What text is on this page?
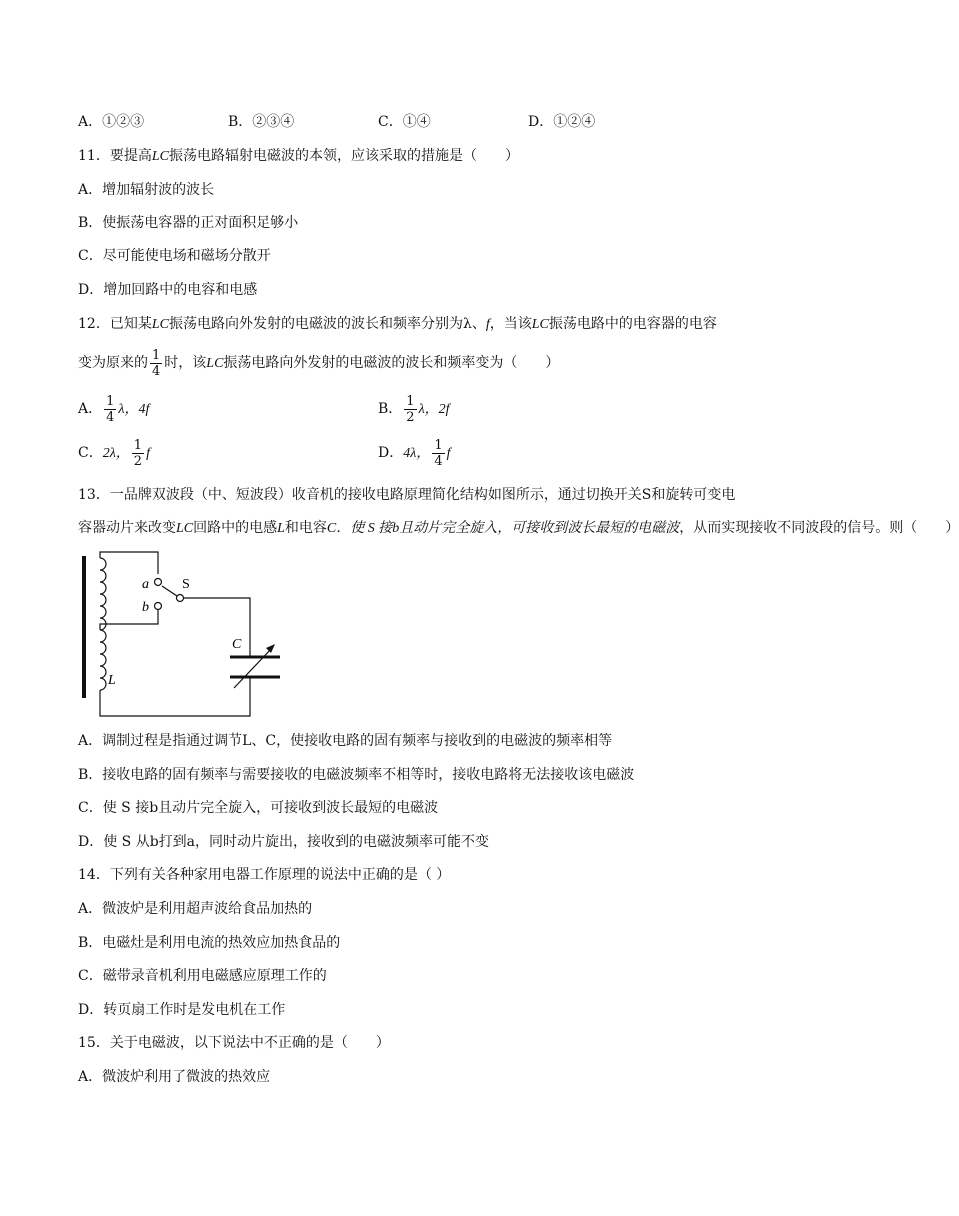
A．①②③	B．②③④	C．①④	D．①②④
11．要提高LC振荡电路辐射电磁波的本领，应该采取的措施是（　　）
A．增加辐射波的波长
B．使振荡电容器的正对面积足够小
C．尽可能使电场和磁场分散开
D．增加回路中的电容和电感
12．已知某LC振荡电路向外发射的电磁波的波长和频率分别为λ、f，当该LC振荡电路中的电容器的电容
变为原来的 $\frac{1}{4}$ 时，该LC振荡电路向外发射的电磁波的波长和频率变为（　　）
A． $\frac{1}{4}$ λ，4f	B． $\frac{1}{2}$ λ，2f
C．2λ， $\frac{1}{2}$ f	D．4λ， $\frac{1}{4}$ f
13．一品牌双波段（中、短波段）收音机的接收电路原理简化结构如图所示，通过切换开关S和旋转可变电
容器动片来改变LC回路中的电感L和电容C．使 S 接b且动片完全旋入，可接收到波长最短的电磁波，从而实现接收不同波段的信号。则（　　）
a
b
S
C
L
A．调制过程是指通过调节L、C，使接收电路的固有频率与接收到的电磁波的频率相等
B．接收电路的固有频率与需要接收的电磁波频率不相等时，接收电路将无法接收该电磁波
C．使 S 接b且动片完全旋入，可接收到波长最短的电磁波
D．使 S 从b打到a，同时动片旋出，接收到的电磁波频率可能不变
14．下列有关各种家用电器工作原理的说法中正确的是（ ）
A．微波炉是利用超声波给食品加热的
B．电磁灶是利用电流的热效应加热食品的
C．磁带录音机利用电磁感应原理工作的
D．转页扇工作时是发电机在工作
15．关于电磁波，以下说法中不正确的是（　　）
A．微波炉利用了微波的热效应
